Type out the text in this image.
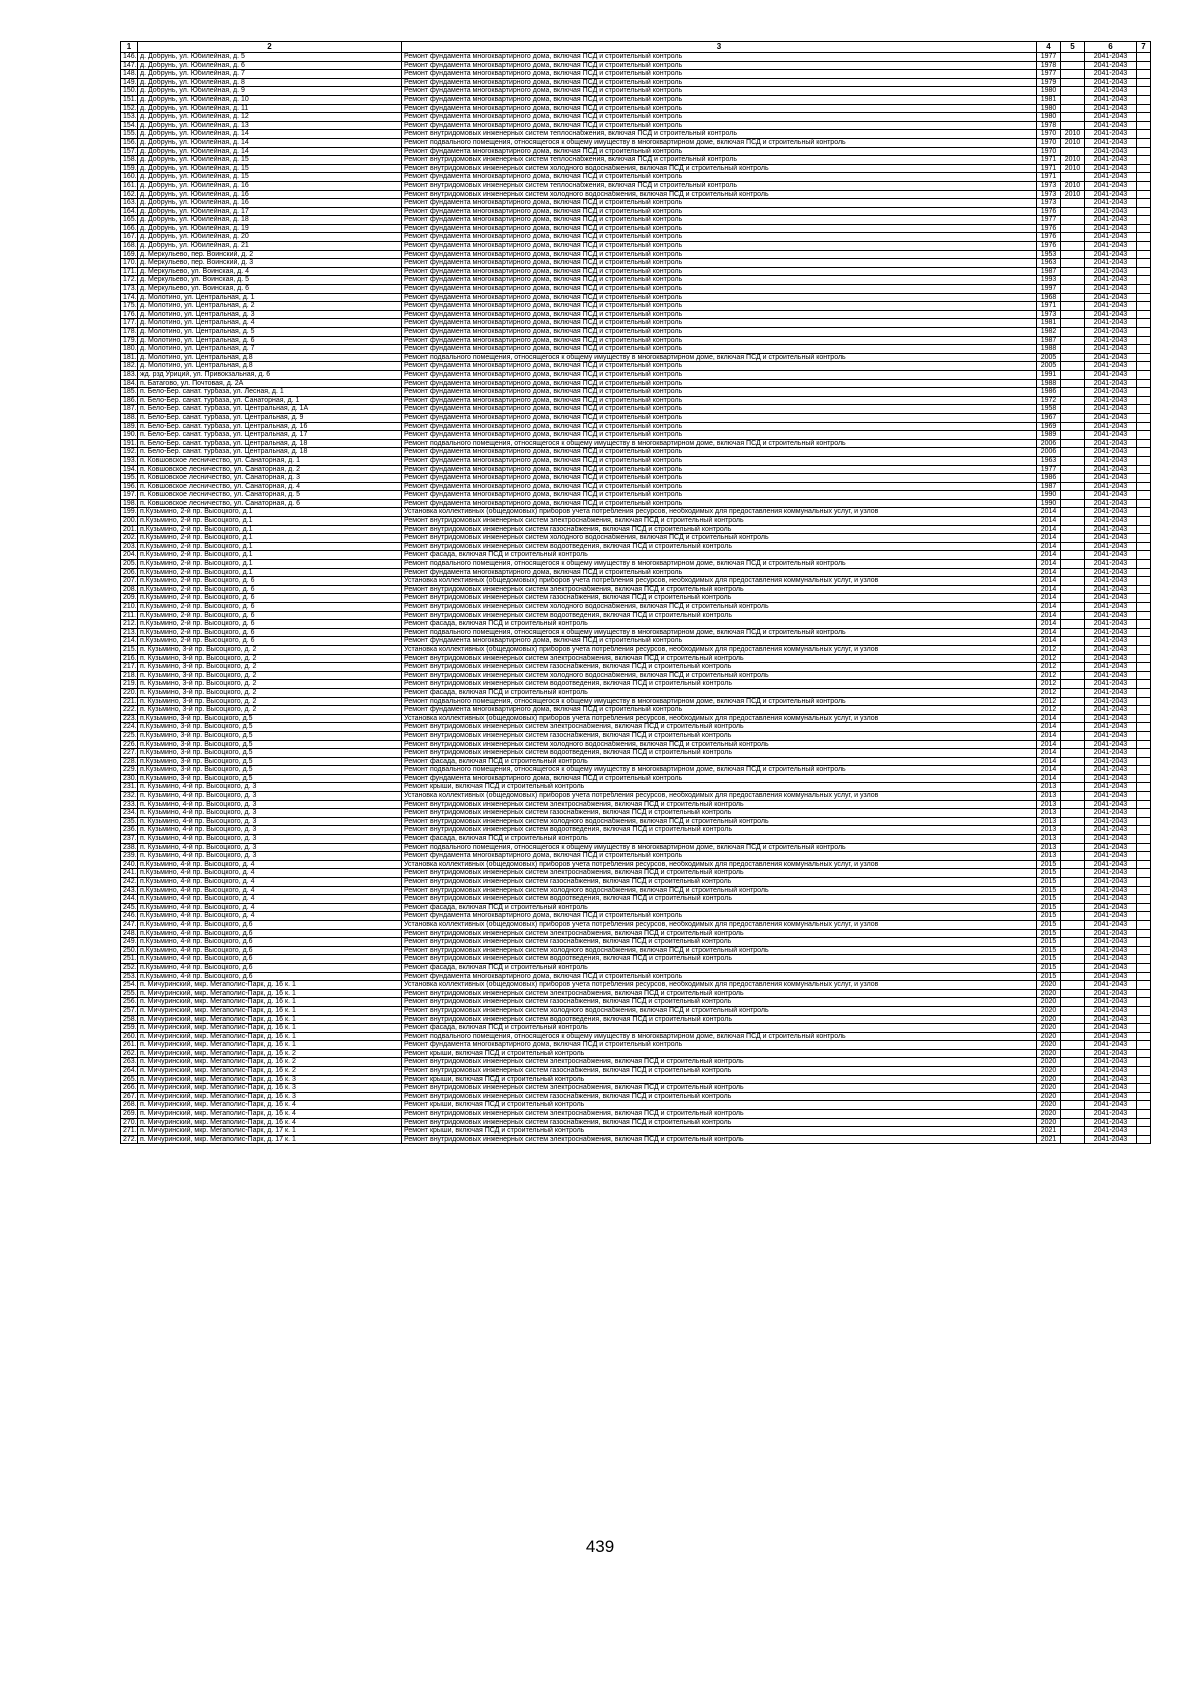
1	2	3	4	5	6	7
146.	д. Добрунь, ул. Юбилейная, д. 5	Ремонт фундамента многоквартирного дома, включая ПСД и строительный контроль	1977		2041-2043	
147.	д. Добрунь, ул. Юбилейная, д. 6	Ремонт фундамента многоквартирного дома, включая ПСД и строительный контроль	1978		2041-2043	
148.	д. Добрунь, ул. Юбилейная, д. 7	Ремонт фундамента многоквартирного дома, включая ПСД и строительный контроль	1977		2041-2043	
149.	д. Добрунь, ул. Юбилейная, д. 8	Ремонт фундамента многоквартирного дома, включая ПСД и строительный контроль	1979		2041-2043	
150.	д. Добрунь, ул. Юбилейная, д. 9	Ремонт фундамента многоквартирного дома, включая ПСД и строительный контроль	1980		2041-2043	
151.	д. Добрунь, ул. Юбилейная, д. 10	Ремонт фундамента многоквартирного дома, включая ПСД и строительный контроль	1981		2041-2043	
152.	д. Добрунь, ул. Юбилейная, д. 11	Ремонт фундамента многоквартирного дома, включая ПСД и строительный контроль	1980		2041-2043	
153.	д. Добрунь, ул. Юбилейная, д. 12	Ремонт фундамента многоквартирного дома, включая ПСД и строительный контроль	1980		2041-2043	
154.	д. Добрунь, ул. Юбилейная, д. 13	Ремонт фундамента многоквартирного дома, включая ПСД и строительный контроль	1978		2041-2043	
155.	д. Добрунь, ул. Юбилейная, д. 14	Ремонт внутридомовых инженерных систем теплоснабжения, включая ПСД и строительный контроль	1970	2010	2041-2043	
156.	д. Добрунь, ул. Юбилейная, д. 14	Ремонт подвального помещения, относящегося к общему имуществу в многоквартирном доме, включая ПСД и строительный контроль	1970	2010	2041-2043	
157.	д. Добрунь, ул. Юбилейная, д. 14	Ремонт фундамента многоквартирного дома, включая ПСД и строительный контроль	1970		2041-2043	
158.	д. Добрунь, ул. Юбилейная, д. 15	Ремонт внутридомовых инженерных систем теплоснабжения, включая ПСД и строительный контроль	1971	2010	2041-2043	
159.	д. Добрунь, ул. Юбилейная, д. 15	Ремонт внутридомовых инженерных систем холодного водоснабжения, включая ПСД и строительный контроль	1971	2010	2041-2043	
160.	д. Добрунь, ул. Юбилейная, д. 15	Ремонт фундамента многоквартирного дома, включая ПСД и строительный контроль	1971		2041-2043	
161.	д. Добрунь, ул. Юбилейная, д. 16	Ремонт внутридомовых инженерных систем теплоснабжения, включая ПСД и строительный контроль	1973	2010	2041-2043	
162.	д. Добрунь, ул. Юбилейная, д. 16	Ремонт внутридомовых инженерных систем холодного водоснабжения, включая ПСД и строительный контроль	1973	2010	2041-2043	
163.	д. Добрунь, ул. Юбилейная, д. 16	Ремонт фундамента многоквартирного дома, включая ПСД и строительный контроль	1973		2041-2043	
164.	д. Добрунь, ул. Юбилейная, д. 17	Ремонт фундамента многоквартирного дома, включая ПСД и строительный контроль	1976		2041-2043	
165.	д. Добрунь, ул. Юбилейная, д. 18	Ремонт фундамента многоквартирного дома, включая ПСД и строительный контроль	1977		2041-2043	
166.	д. Добрунь, ул. Юбилейная, д. 19	Ремонт фундамента многоквартирного дома, включая ПСД и строительный контроль	1976		2041-2043	
167.	д. Добрунь, ул. Юбилейная, д. 20	Ремонт фундамента многоквартирного дома, включая ПСД и строительный контроль	1976		2041-2043	
168.	д. Добрунь, ул. Юбилейная, д. 21	Ремонт фундамента многоквартирного дома, включая ПСД и строительный контроль	1976		2041-2043	
169.	д. Меркульево, пер. Воинский, д. 2	Ремонт фундамента многоквартирного дома, включая ПСД и строительный контроль	1953		2041-2043	
170.	д. Меркульево, пер. Воинский, д. 3	Ремонт фундамента многоквартирного дома, включая ПСД и строительный контроль	1963		2041-2043	
171.	д. Меркульево, ул. Воинская, д. 4	Ремонт фундамента многоквартирного дома, включая ПСД и строительный контроль	1987		2041-2043	
172.	д. Меркульево, ул. Воинская, д. 5	Ремонт фундамента многоквартирного дома, включая ПСД и строительный контроль	1993		2041-2043	
173.	д. Меркульево, ул. Воинская, д. 6	Ремонт фундамента многоквартирного дома, включая ПСД и строительный контроль	1997		2041-2043	
174.	д. Молотино, ул. Центральная, д. 1	Ремонт фундамента многоквартирного дома, включая ПСД и строительный контроль	1968		2041-2043	
175.	д. Молотино, ул. Центральная, д. 2	Ремонт фундамента многоквартирного дома, включая ПСД и строительный контроль	1971		2041-2043	
176.	д. Молотино, ул. Центральная, д. 3	Ремонт фундамента многоквартирного дома, включая ПСД и строительный контроль	1973		2041-2043	
177.	д. Молотино, ул. Центральная, д. 4	Ремонт фундамента многоквартирного дома, включая ПСД и строительный контроль	1981		2041-2043	
178.	д. Молотино, ул. Центральная, д. 5	Ремонт фундамента многоквартирного дома, включая ПСД и строительный контроль	1982		2041-2043	
179.	д. Молотино, ул. Центральная, д. 6	Ремонт фундамента многоквартирного дома, включая ПСД и строительный контроль	1987		2041-2043	
180.	д. Молотино, ул. Центральная, д. 7	Ремонт фундамента многоквартирного дома, включая ПСД и строительный контроль	1988		2041-2043	
181.	д. Молотино, ул. Центральная, д.8	Ремонт подвального помещения, относящегося к общему имуществу в многоквартирном доме, включая ПСД и строительный контроль	2005		2041-2043	
182.	д. Молотино, ул. Центральная, д.8	Ремонт фундамента многоквартирного дома, включая ПСД и строительный контроль	2005		2041-2043	
183.	жд. рзд Уриций, ул. Привокзальная, д. 6	Ремонт фундамента многоквартирного дома, включая ПСД и строительный контроль	1991		2041-2043	
184.	п. Батагово, ул. Почтовая, д. 2А	Ремонт фундамента многоквартирного дома, включая ПСД и строительный контроль	1988		2041-2043	
185.	п. Бело-Бер. санат. турбаза, ул. Лесная, д. 1	Ремонт фундамента многоквартирного дома, включая ПСД и строительный контроль	1986		2041-2043	
186.	п. Бело-Бер. санат. турбаза, ул. Санаторная, д. 1	Ремонт фундамента многоквартирного дома, включая ПСД и строительный контроль	1972		2041-2043	
187.	п. Бело-Бер. санат. турбаза, ул. Центральная, д. 1А	Ремонт фундамента многоквартирного дома, включая ПСД и строительный контроль	1958		2041-2043	
188.	п. Бело-Бер. санат. турбаза, ул. Центральная, д. 9	Ремонт фундамента многоквартирного дома, включая ПСД и строительный контроль	1967		2041-2043	
189.	п. Бело-Бер. санат. турбаза, ул. Центральная, д. 16	Ремонт фундамента многоквартирного дома, включая ПСД и строительный контроль	1969		2041-2043	
190.	п. Бело-Бер. санат. турбаза, ул. Центральная, д. 17	Ремонт фундамента многоквартирного дома, включая ПСД и строительный контроль	1989		2041-2043	
191.	п. Бело-Бер. санат. турбаза, ул. Центральная, д. 18	Ремонт подвального помещения, относящегося к общему имуществу в многоквартирном доме, включая ПСД и строительный контроль	2006		2041-2043	
192.	п. Бело-Бер. санат. турбаза, ул. Центральная, д. 18	Ремонт фундамента многоквартирного дома, включая ПСД и строительный контроль	2006		2041-2043	
193.	п. Ковшовское лесничество, ул. Санаторная, д. 1	Ремонт фундамента многоквартирного дома, включая ПСД и строительный контроль	1963		2041-2043	
194.	п. Ковшовское лесничество, ул. Санаторная, д. 2	Ремонт фундамента многоквартирного дома, включая ПСД и строительный контроль	1977		2041-2043	
195.	п. Ковшовское лесничество, ул. Санаторная, д. 3	Ремонт фундамента многоквартирного дома, включая ПСД и строительный контроль	1986		2041-2043	
196.	п. Ковшовское лесничество, ул. Санаторная, д. 4	Ремонт фундамента многоквартирного дома, включая ПСД и строительный контроль	1987		2041-2043	
197.	п. Ковшовское лесничество, ул. Санаторная, д. 5	Ремонт фундамента многоквартирного дома, включая ПСД и строительный контроль	1990		2041-2043	
198.	п. Ковшовское лесничество, ул. Санаторная, д. 6	Ремонт фундамента многоквартирного дома, включая ПСД и строительный контроль	1990		2041-2043	
199.	п.Кузьмино, 2-й пр. Высоцкого, д.1	Установка коллективных (общедомовых) приборов учета потребления ресурсов, необходимых для предоставления коммунальных услуг, и узлов	2014		2041-2043	
200.	п.Кузьмино, 2-й пр. Высоцкого, д.1	Ремонт внутридомовых инженерных систем электроснабжения, включая ПСД и строительный контроль	2014		2041-2043	
201.	п.Кузьмино, 2-й пр. Высоцкого, д.1	Ремонт внутридомовых инженерных систем газоснабжения, включая ПСД и строительный контроль	2014		2041-2043	
202.	п.Кузьмино, 2-й пр. Высоцкого, д.1	Ремонт внутридомовых инженерных систем холодного водоснабжения, включая ПСД и строительный контроль	2014		2041-2043	
203.	п.Кузьмино, 2-й пр. Высоцкого, д.1	Ремонт внутридомовых инженерных систем водоотведения, включая ПСД и строительный контроль	2014		2041-2043	
204.	п.Кузьмино, 2-й пр. Высоцкого, д.1	Ремонт фасада, включая ПСД и строительный контроль	2014		2041-2043	
205.	п.Кузьмино, 2-й пр. Высоцкого, д.1	Ремонт подвального помещения, относящегося к общему имуществу в многоквартирном доме, включая ПСД и строительный контроль	2014		2041-2043	
206.	п.Кузьмино, 2-й пр. Высоцкого, д.1	Ремонт фундамента многоквартирного дома, включая ПСД и строительный контроль	2014		2041-2043	
207.	п.Кузьмино, 2-й пр. Высоцкого, д. 6	Установка коллективных (общедомовых) приборов учета потребления ресурсов, необходимых для предоставления коммунальных услуг, и узлов	2014		2041-2043	
208.	п.Кузьмино, 2-й пр. Высоцкого, д. 6	Ремонт внутридомовых инженерных систем электроснабжения, включая ПСД и строительный контроль	2014		2041-2043	
209.	п.Кузьмино, 2-й пр. Высоцкого, д. 6	Ремонт внутридомовых инженерных систем газоснабжения, включая ПСД и строительный контроль	2014		2041-2043	
210.	п.Кузьмино, 2-й пр. Высоцкого, д. 6	Ремонт внутридомовых инженерных систем холодного водоснабжения, включая ПСД и строительный контроль	2014		2041-2043	
211.	п.Кузьмино, 2-й пр. Высоцкого, д. 6	Ремонт внутридомовых инженерных систем водоотведения, включая ПСД и строительный контроль	2014		2041-2043	
212.	п.Кузьмино, 2-й пр. Высоцкого, д. 6	Ремонт фасада, включая ПСД и строительный контроль	2014		2041-2043	
213.	п.Кузьмино, 2-й пр. Высоцкого, д. 6	Ремонт подвального помещения, относящегося к общему имуществу в многоквартирном доме, включая ПСД и строительный контроль	2014		2041-2043	
214.	п.Кузьмино, 2-й пр. Высоцкого, д. 6	Ремонт фундамента многоквартирного дома, включая ПСД и строительный контроль	2014		2041-2043	
215.	п. Кузьмино, 3-й пр. Высоцкого, д. 2	Установка коллективных (общедомовых) приборов учета потребления ресурсов, необходимых для предоставления коммунальных услуг, и узлов	2012		2041-2043	
216.	п. Кузьмино, 3-й пр. Высоцкого, д. 2	Ремонт внутридомовых инженерных систем электроснабжения, включая ПСД и строительный контроль	2012		2041-2043	
217.	п. Кузьмино, 3-й пр. Высоцкого, д. 2	Ремонт внутридомовых инженерных систем газоснабжения, включая ПСД и строительный контроль	2012		2041-2043	
218.	п. Кузьмино, 3-й пр. Высоцкого, д. 2	Ремонт внутридомовых инженерных систем холодного водоснабжения, включая ПСД и строительный контроль	2012		2041-2043	
219.	п. Кузьмино, 3-й пр. Высоцкого, д. 2	Ремонт внутридомовых инженерных систем водоотведения, включая ПСД и строительный контроль	2012		2041-2043	
220.	п. Кузьмино, 3-й пр. Высоцкого, д. 2	Ремонт фасада, включая ПСД и строительный контроль	2012		2041-2043	
221.	п. Кузьмино, 3-й пр. Высоцкого, д. 2	Ремонт подвального помещения, относящегося к общему имуществу в многоквартирном доме, включая ПСД и строительный контроль	2012		2041-2043	
222.	п. Кузьмино, 3-й пр. Высоцкого, д. 2	Ремонт фундамента многоквартирного дома, включая ПСД и строительный контроль	2012		2041-2043	
223.	п.Кузьмино, 3-й пр. Высоцкого, д.5	Установка коллективных (общедомовых) приборов учета потребления ресурсов, необходимых для предоставления коммунальных услуг, и узлов	2014		2041-2043	
224.	п.Кузьмино, 3-й пр. Высоцкого, д.5	Ремонт внутридомовых инженерных систем электроснабжения, включая ПСД и строительный контроль	2014		2041-2043	
225.	п.Кузьмино, 3-й пр. Высоцкого, д.5	Ремонт внутридомовых инженерных систем газоснабжения, включая ПСД и строительный контроль	2014		2041-2043	
226.	п.Кузьмино, 3-й пр. Высоцкого, д.5	Ремонт внутридомовых инженерных систем холодного водоснабжения, включая ПСД и строительный контроль	2014		2041-2043	
227.	п.Кузьмино, 3-й пр. Высоцкого, д.5	Ремонт внутридомовых инженерных систем водоотведения, включая ПСД и строительный контроль	2014		2041-2043	
228.	п.Кузьмино, 3-й пр. Высоцкого, д.5	Ремонт фасада, включая ПСД и строительный контроль	2014		2041-2043	
229.	п.Кузьмино, 3-й пр. Высоцкого, д.5	Ремонт подвального помещения, относящегося к общему имуществу в многоквартирном доме, включая ПСД и строительный контроль	2014		2041-2043	
230.	п.Кузьмино, 3-й пр. Высоцкого, д.5	Ремонт фундамента многоквартирного дома, включая ПСД и строительный контроль	2014		2041-2043	
231.	п. Кузьмино, 4-й пр. Высоцкого, д. 3	Ремонт крыши, включая ПСД и строительный контроль	2013		2041-2043	
232.	п. Кузьмино, 4-й пр. Высоцкого, д. 3	Установка коллективных (общедомовых) приборов учета потребления ресурсов, необходимых для предоставления коммунальных услуг, и узлов	2013		2041-2043	
233.	п. Кузьмино, 4-й пр. Высоцкого, д. 3	Ремонт внутридомовых инженерных систем электроснабжения, включая ПСД и строительный контроль	2013		2041-2043	
234.	п. Кузьмино, 4-й пр. Высоцкого, д. 3	Ремонт внутридомовых инженерных систем газоснабжения, включая ПСД и строительный контроль	2013		2041-2043	
235.	п. Кузьмино, 4-й пр. Высоцкого, д. 3	Ремонт внутридомовых инженерных систем холодного водоснабжения, включая ПСД и строительный контроль	2013		2041-2043	
236.	п. Кузьмино, 4-й пр. Высоцкого, д. 3	Ремонт внутридомовых инженерных систем водоотведения, включая ПСД и строительный контроль	2013		2041-2043	
237.	п. Кузьмино, 4-й пр. Высоцкого, д. 3	Ремонт фасада, включая ПСД и строительный контроль	2013		2041-2043	
238.	п. Кузьмино, 4-й пр. Высоцкого, д. 3	Ремонт подвального помещения, относящегося к общему имуществу в многоквартирном доме, включая ПСД и строительный контроль	2013		2041-2043	
239.	п. Кузьмино, 4-й пр. Высоцкого, д. 3	Ремонт фундамента многоквартирного дома, включая ПСД и строительный контроль	2013		2041-2043	
240.	п.Кузьмино, 4-й пр. Высоцкого, д. 4	Установка коллективных (общедомовых) приборов учета потребления ресурсов, необходимых для предоставления коммунальных услуг, и узлов	2015		2041-2043	
241.	п.Кузьмино, 4-й пр. Высоцкого, д. 4	Ремонт внутридомовых инженерных систем электроснабжения, включая ПСД и строительный контроль	2015		2041-2043	
242.	п.Кузьмино, 4-й пр. Высоцкого, д. 4	Ремонт внутридомовых инженерных систем газоснабжения, включая ПСД и строительный контроль	2015		2041-2043	
243.	п.Кузьмино, 4-й пр. Высоцкого, д. 4	Ремонт внутридомовых инженерных систем холодного водоснабжения, включая ПСД и строительный контроль	2015		2041-2043	
244.	п.Кузьмино, 4-й пр. Высоцкого, д. 4	Ремонт внутридомовых инженерных систем водоотведения, включая ПСД и строительный контроль	2015		2041-2043	
245.	п.Кузьмино, 4-й пр. Высоцкого, д. 4	Ремонт фасада, включая ПСД и строительный контроль	2015		2041-2043	
246.	п.Кузьмино, 4-й пр. Высоцкого, д. 4	Ремонт фундамента многоквартирного дома, включая ПСД и строительный контроль	2015		2041-2043	
247.	п.Кузьмино, 4-й пр. Высоцкого, д.6	Установка коллективных (общедомовых) приборов учета потребления ресурсов, необходимых для предоставления коммунальных услуг, и узлов	2015		2041-2043	
248.	п.Кузьмино, 4-й пр. Высоцкого, д.6	Ремонт внутридомовых инженерных систем электроснабжения, включая ПСД и строительный контроль	2015		2041-2043	
249.	п.Кузьмино, 4-й пр. Высоцкого, д.6	Ремонт внутридомовых инженерных систем газоснабжения, включая ПСД и строительный контроль	2015		2041-2043	
250.	п.Кузьмино, 4-й пр. Высоцкого, д.6	Ремонт внутридомовых инженерных систем холодного водоснабжения, включая ПСД и строительный контроль	2015		2041-2043	
251.	п.Кузьмино, 4-й пр. Высоцкого, д.6	Ремонт внутридомовых инженерных систем водоотведения, включая ПСД и строительный контроль	2015		2041-2043	
252.	п.Кузьмино, 4-й пр. Высоцкого, д.6	Ремонт фасада, включая ПСД и строительный контроль	2015		2041-2043	
253.	п.Кузьмино, 4-й пр. Высоцкого, д.6	Ремонт фундамента многоквартирного дома, включая ПСД и строительный контроль	2015		2041-2043	
254.	п. Мичуринский, мкр. Мегаполис-Парк, д. 16 к. 1	Установка коллективных (общедомовых) приборов учета потребления ресурсов, необходимых для предоставления коммунальных услуг, и узлов	2020		2041-2043	
255.	п. Мичуринский, мкр. Мегаполис-Парк, д. 16 к. 1	Ремонт внутридомовых инженерных систем электроснабжения, включая ПСД и строительный контроль	2020		2041-2043	
256.	п. Мичуринский, мкр. Мегаполис-Парк, д. 16 к. 1	Ремонт внутридомовых инженерных систем газоснабжения, включая ПСД и строительный контроль	2020		2041-2043	
257.	п. Мичуринский, мкр. Мегаполис-Парк, д. 16 к. 1	Ремонт внутридомовых инженерных систем холодного водоснабжения, включая ПСД и строительный контроль	2020		2041-2043	
258.	п. Мичуринский, мкр. Мегаполис-Парк, д. 16 к. 1	Ремонт внутридомовых инженерных систем водоотведения, включая ПСД и строительный контроль	2020		2041-2043	
259.	п. Мичуринский, мкр. Мегаполис-Парк, д. 16 к. 1	Ремонт фасада, включая ПСД и строительный контроль	2020		2041-2043	
260.	п. Мичуринский, мкр. Мегаполис-Парк, д. 16 к. 1	Ремонт подвального помещения, относящегося к общему имуществу в многоквартирном доме, включая ПСД и строительный контроль	2020		2041-2043	
261.	п. Мичуринский, мкр. Мегаполис-Парк, д. 16 к. 1	Ремонт фундамента многоквартирного дома, включая ПСД и строительный контроль	2020		2041-2043	
262.	п. Мичуринский, мкр. Мегаполис-Парк, д. 16 к. 2	Ремонт крыши, включая ПСД и строительный контроль	2020		2041-2043	
263.	п. Мичуринский, мкр. Мегаполис-Парк, д. 16 к. 2	Ремонт внутридомовых инженерных систем электроснабжения, включая ПСД и строительный контроль	2020		2041-2043	
264.	п. Мичуринский, мкр. Мегаполис-Парк, д. 16 к. 2	Ремонт внутридомовых инженерных систем газоснабжения, включая ПСД и строительный контроль	2020		2041-2043	
265.	п. Мичуринский, мкр. Мегаполис-Парк, д. 16 к. 3	Ремонт крыши, включая ПСД и строительный контроль	2020		2041-2043	
266.	п. Мичуринский, мкр. Мегаполис-Парк, д. 16 к. 3	Ремонт внутридомовых инженерных систем электроснабжения, включая ПСД и строительный контроль	2020		2041-2043	
267.	п. Мичуринский, мкр. Мегаполис-Парк, д. 16 к. 3	Ремонт внутридомовых инженерных систем газоснабжения, включая ПСД и строительный контроль	2020		2041-2043	
268.	п. Мичуринский, мкр. Мегаполис-Парк, д. 16 к. 4	Ремонт крыши, включая ПСД и строительный контроль	2020		2041-2043	
269.	п. Мичуринский, мкр. Мегаполис-Парк, д. 16 к. 4	Ремонт внутридомовых инженерных систем электроснабжения, включая ПСД и строительный контроль	2020		2041-2043	
270.	п. Мичуринский, мкр. Мегаполис-Парк, д. 16 к. 4	Ремонт внутридомовых инженерных систем газоснабжения, включая ПСД и строительный контроль	2020		2041-2043	
271.	п. Мичуринский, мкр. Мегаполис-Парк, д. 17 к. 1	Ремонт крыши, включая ПСД и строительный контроль	2021		2041-2043	
272.	п. Мичуринский, мкр. Мегаполис-Парк, д. 17 к. 1	Ремонт внутридомовых инженерных систем электроснабжения, включая ПСД и строительный контроль	2021		2041-2043	
439
